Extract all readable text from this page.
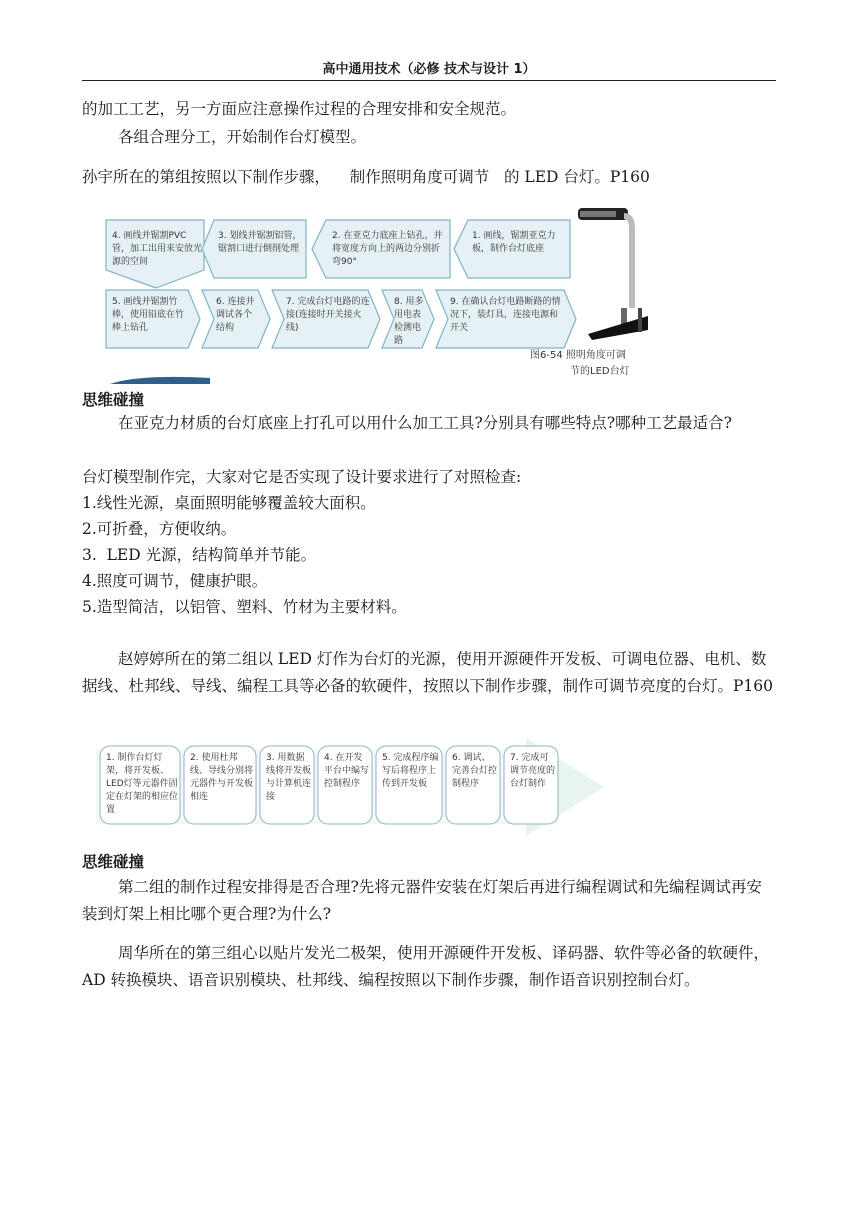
高中通用技术（必修 技术与设计 1）
的加工工艺，另一方面应注意操作过程的合理安排和安全规范。
各组合理分工，开始制作台灯模型。
孙宇所在的第组按照以下制作步骤，    制作照明角度可调节   的 LED 台灯。P160
4. 画线并锯割PVC管，加工出用来安放光源的空间
3. 划线并锯割铝管，锯割口进行倒削处理
2. 在亚克力底座上钻孔，并将宽度方向上的两边分别折弯90°
1. 画线，锯割亚克力板，制作台灯底座
5. 画线并锯割竹棒，使用铅底在竹棒上钻孔
6. 连接并调试各个结构
7. 完成台灯电路的连接(连接时开关接火线)
8. 用多用电表检测电路
9. 在确认台灯电路断路的情况下，装灯具，连接电源和开关
图6-54 照明角度可调
节的LED台灯
思维碰撞
在亚克力材质的台灯底座上打孔可以用什么加工工具?分别具有哪些特点?哪种工艺最适合?
台灯模型制作完，大家对它是否实现了设计要求进行了对照检查:
1.线性光源，桌面照明能够覆盖较大面积。
2.可折叠，方便收纳。
3.  LED 光源，结构简单并节能。
4.照度可调节，健康护眼。
5.造型简洁，以铝管、塑料、竹材为主要材料。
赵婷婷所在的第二组以 LED 灯作为台灯的光源，使用开源硬件开发板、可调电位器、电机、数据线、杜邦线、导线、编程工具等必备的软硬件，按照以下制作步骤，制作可调节亮度的台灯。P160
1. 制作台灯灯架，将开发板、LED灯等元器件固定在灯架的相应位置
2. 使用杜邦线、导线分别将元器件与开发板相连
3. 用数据线将开发板与计算机连接
4. 在开发平台中编写控制程序
5. 完成程序编写后将程序上传到开发板
6. 调试、完善台灯控制程序
7. 完成可调节亮度的台灯制作
思维碰撞
第二组的制作过程安排得是否合理?先将元器件安装在灯架后再进行编程调试和先编程调试再安装到灯架上相比哪个更合理?为什么?
周华所在的第三组心以贴片发光二极架，使用开源硬件开发板、译码器、软件等必备的软硬件，AD 转换模块、语音识别模块、杜邦线、编程按照以下制作步骤，制作语音识别控制台灯。
